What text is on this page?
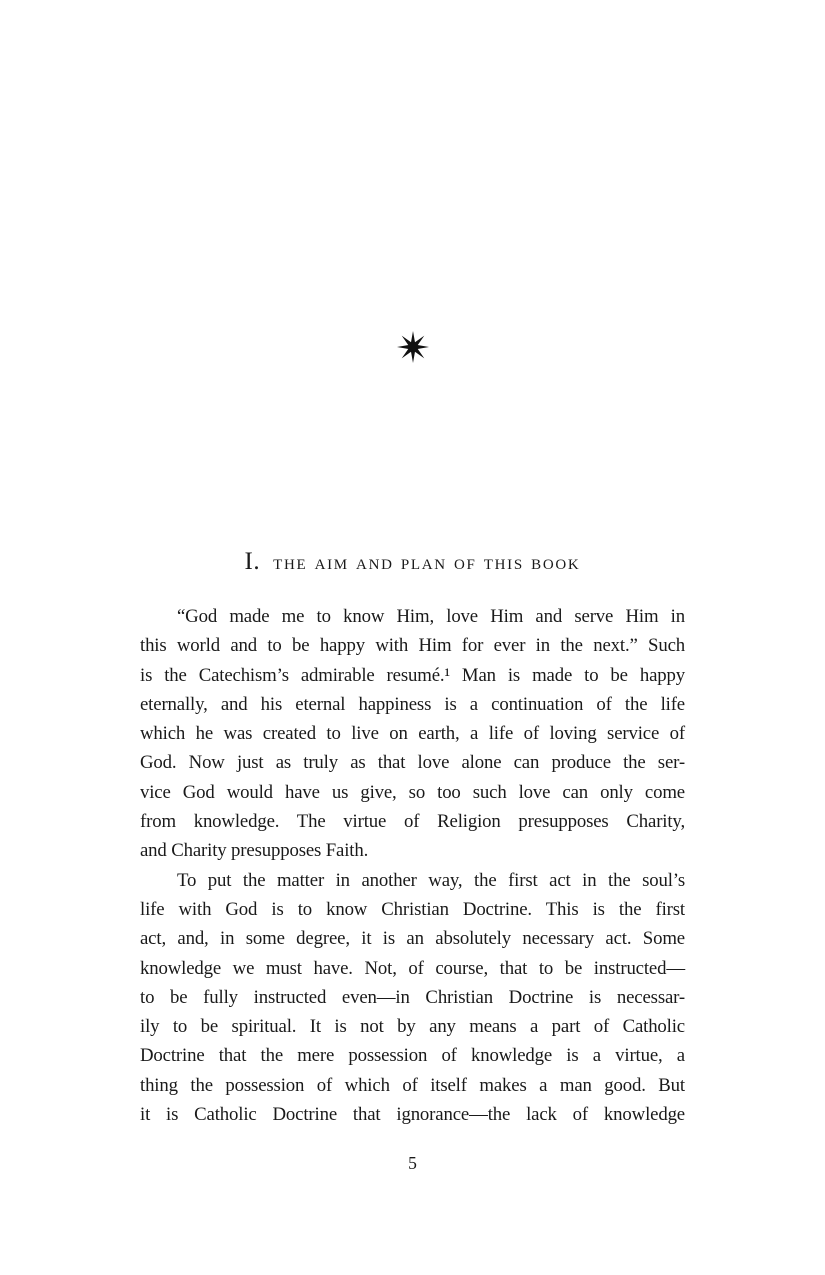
I. the aim and plan of this book
“God made me to know Him, love Him and serve Him in
this world and to be happy with Him for ever in the next.” Such
is the Catechism’s admirable resumé.¹ Man is made to be happy
eternally, and his eternal happiness is a continuation of the life
which he was created to live on earth, a life of loving service of
God. Now just as truly as that love alone can produce the ser-
vice God would have us give, so too such love can only come
from knowledge. The virtue of Religion presupposes Charity,
and Charity presupposes Faith.
To put the matter in another way, the first act in the soul’s
life with God is to know Christian Doctrine. This is the first
act, and, in some degree, it is an absolutely necessary act. Some
knowledge we must have. Not, of course, that to be instructed—
to be fully instructed even—in Christian Doctrine is necessar-
ily to be spiritual. It is not by any means a part of Catholic
Doctrine that the mere possession of knowledge is a virtue, a
thing the possession of which of itself makes a man good. But
it is Catholic Doctrine that ignorance—the lack of knowledge
5
